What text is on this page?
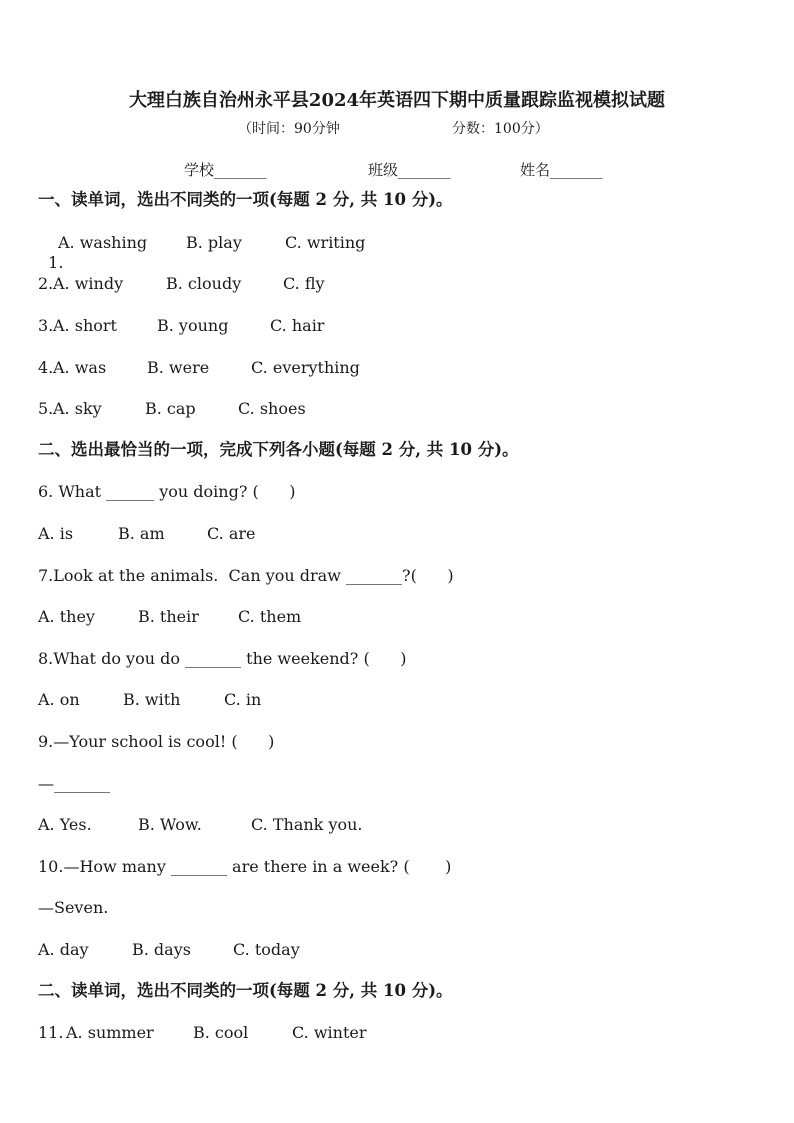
大理白族自治州永平县2024年英语四下期中质量跟踪监视模拟试题
（时间：90分钟	分数：100分）
学校_______	班级_______	姓名_______
一、读单词，选出不同类的一项(每题 2 分, 共 10 分)。

1.

A. washing B. play	C. writing
2. A. windy	B. cloudy	C. fly
3. A. short	B. young	C. hair
4. A. was	B. were	C. everything
5. A. sky	B. cap	C. shoes
二、选出最恰当的一项，完成下列各小题(每题 2 分, 共 10 分)。
6. What ______ you doing? (      )
A. is	B. am	C. are
7.Look at the animals.  Can you draw _______?(      )
A. they	B. their C. them
8.What do you do _______ the weekend? (      )
A. on	B. with	C. in
9.—Your school is cool! (      )
—_______
A. Yes.	B. Wow.	C. Thank you.
10.—How many _______ are there in a week? (       )
—Seven.
A. day	B. days	C. today
二、读单词，选出不同类的一项(每题 2 分, 共 10 分)。
11.
A. summer B. cool	C. winter
